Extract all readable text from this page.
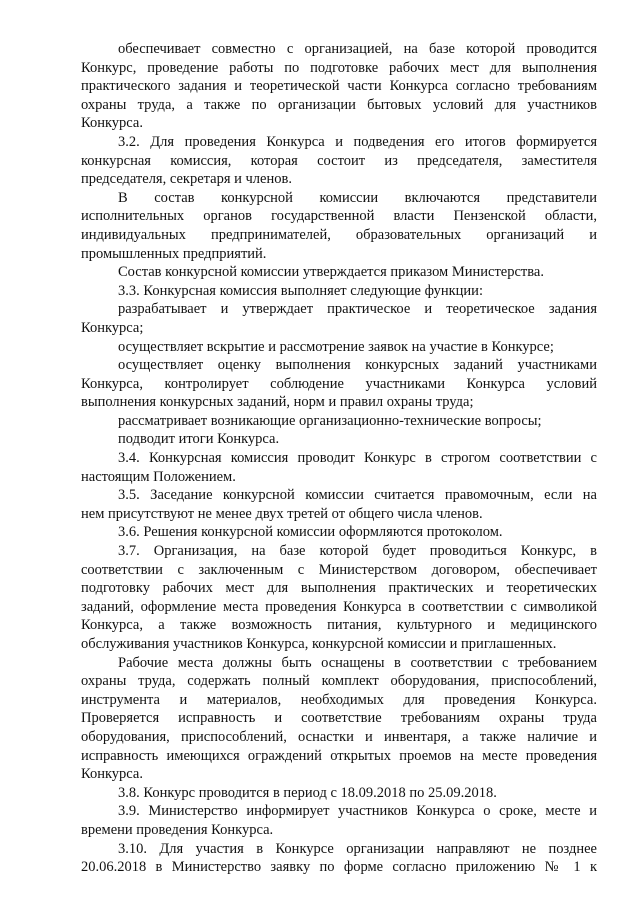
обеспечивает совместно с организацией, на базе которой проводится
Конкурс, проведение работы по подготовке рабочих мест для выполнения
практического задания и теоретической части Конкурса согласно требованиям
охраны труда, а также по организации бытовых условий для участников
Конкурса.
3.2. Для проведения Конкурса и подведения его итогов формируется
конкурсная комиссия, которая состоит из председателя, заместителя
председателя, секретаря и членов.
В состав конкурсной комиссии включаются представители
исполнительных органов государственной власти Пензенской области,
индивидуальных предпринимателей, образовательных организаций и
промышленных предприятий.
Состав конкурсной комиссии утверждается приказом Министерства.
3.3. Конкурсная комиссия выполняет следующие функции:
разрабатывает и утверждает практическое и теоретическое задания
Конкурса;
осуществляет вскрытие и рассмотрение заявок на участие в Конкурсе;
осуществляет оценку выполнения конкурсных заданий участниками
Конкурса, контролирует соблюдение участниками Конкурса условий
выполнения конкурсных заданий, норм и правил охраны труда;
рассматривает возникающие организационно-технические вопросы;
подводит итоги Конкурса.
3.4. Конкурсная комиссия проводит Конкурс в строгом соответствии с
настоящим Положением.
3.5. Заседание конкурсной комиссии считается правомочным, если на
нем присутствуют не менее двух третей от общего числа членов.
3.6. Решения конкурсной комиссии оформляются протоколом.
3.7. Организация, на базе которой будет проводиться Конкурс, в
соответствии с заключенным с Министерством договором, обеспечивает
подготовку рабочих мест для выполнения практических и теоретических
заданий, оформление места проведения Конкурса в соответствии с символикой
Конкурса, а также возможность питания, культурного и медицинского
обслуживания участников Конкурса, конкурсной комиссии и приглашенных.
Рабочие места должны быть оснащены в соответствии с требованием
охраны труда, содержать полный комплект оборудования, приспособлений,
инструмента и материалов, необходимых для проведения Конкурса.
Проверяется исправность и соответствие требованиям охраны труда
оборудования, приспособлений, оснастки и инвентаря, а также наличие и
исправность имеющихся ограждений открытых проемов на месте проведения
Конкурса.
3.8. Конкурс проводится в период с 18.09.2018 по 25.09.2018.
3.9. Министерство информирует участников Конкурса о сроке, месте и
времени проведения Конкурса.
3.10. Для участия в Конкурсе организации направляют не позднее
20.06.2018 в Министерство заявку по форме согласно приложению № 1 к
